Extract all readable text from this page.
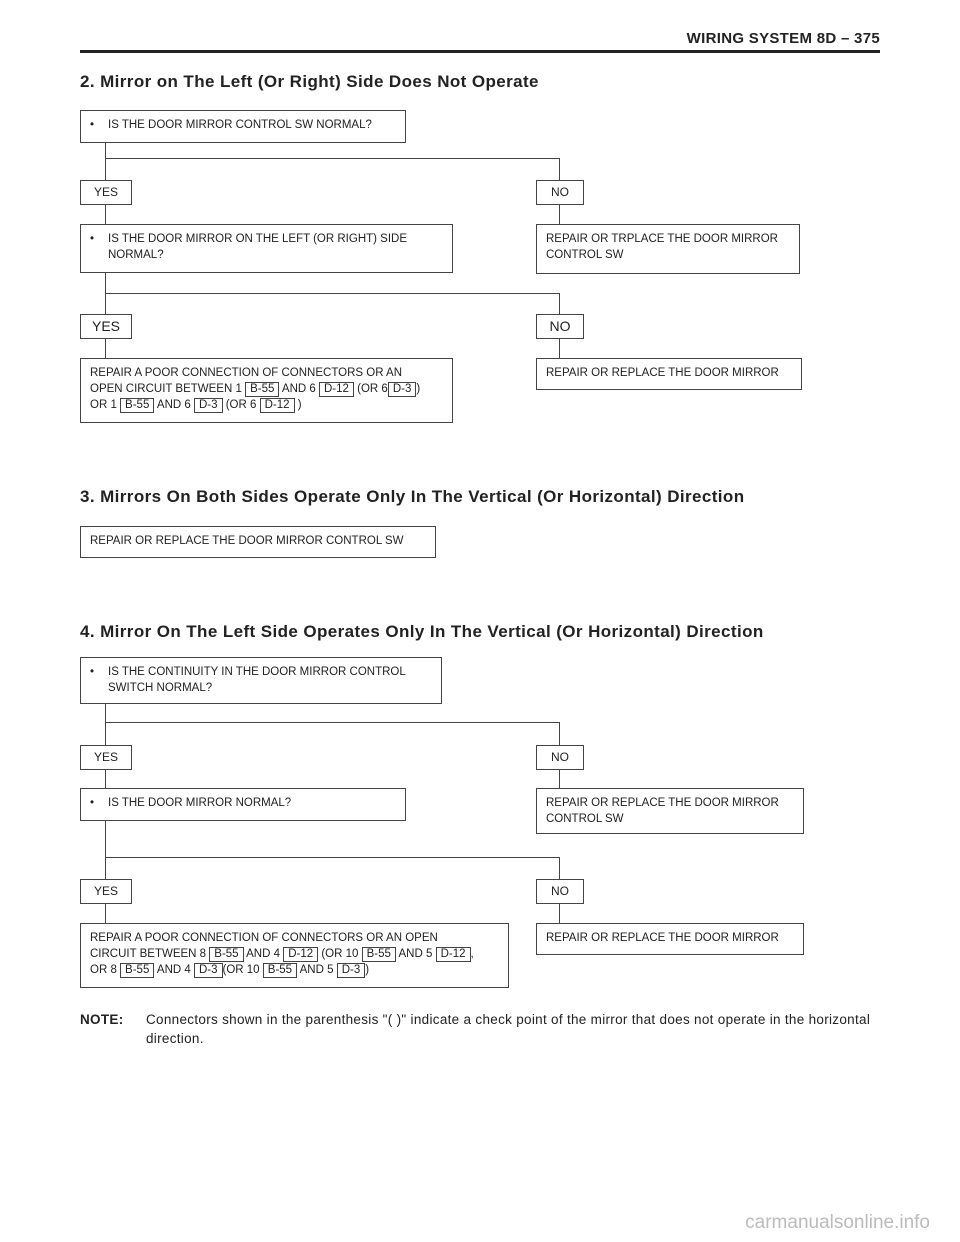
WIRING SYSTEM 8D – 375
2. Mirror on The Left (Or Right) Side Does Not Operate
•	IS THE DOOR MIRROR CONTROL SW NORMAL?
YES	NO
•	IS THE DOOR MIRROR ON THE LEFT (OR RIGHT) SIDE
NORMAL?
REPAIR OR TRPLACE THE DOOR MIRROR
CONTROL SW
YES	NO
REPAIR A POOR CONNECTION OF CONNECTORS OR AN
OPEN CIRCUIT BETWEEN 1 B-55 AND 6 D-12 (OR 6 D-3 )
OR 1 B-55 AND 6 D-3 (OR 6 D-12 )
REPAIR OR REPLACE THE DOOR MIRROR
3. Mirrors On Both Sides Operate Only In The Vertical (Or Horizontal) Direction
REPAIR OR REPLACE THE DOOR MIRROR CONTROL SW
4. Mirror On The Left Side Operates Only In The Vertical (Or Horizontal) Direction
•	IS THE CONTINUITY IN THE DOOR MIRROR CONTROL
SWITCH NORMAL?
YES	NO
•	IS THE DOOR MIRROR NORMAL?	REPAIR OR REPLACE THE DOOR MIRROR
CONTROL SW
YES	NO
REPAIR A POOR CONNECTION OF CONNECTORS OR AN OPEN
CIRCUIT BETWEEN 8 B-55 AND 4 D-12 (OR 10 B-55 AND 5 D-12 ,
OR 8 B-55 AND 4 D-3 (OR 10 B-55 AND 5 D-3 )
REPAIR OR REPLACE THE DOOR MIRROR
NOTE: Connectors shown in the parenthesis "( )" indicate a check point of the mirror that does not operate in the horizontal direction.
carmanualsonline.info
